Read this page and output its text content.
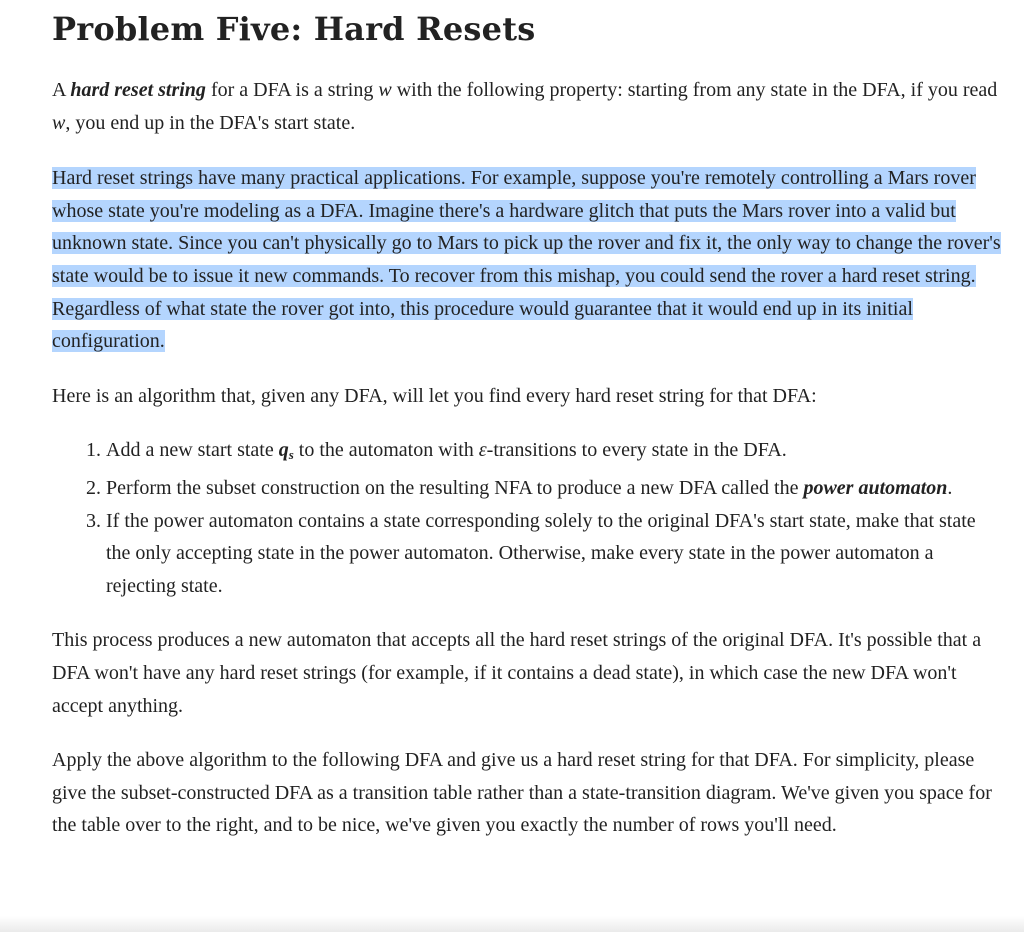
Problem Five: Hard Resets

A hard reset string for a DFA is a string w with the following property: starting from any state in the DFA, if you read w, you end up in the DFA's start state.

Hard reset strings have many practical applications. For example, suppose you're remotely controlling a Mars rover whose state you're modeling as a DFA. Imagine there's a hardware glitch that puts the Mars rover into a valid but unknown state. Since you can't physically go to Mars to pick up the rover and fix it, the only way to change the rover's state would be to issue it new commands. To recover from this mishap, you could send the rover a hard reset string. Regardless of what state the rover got into, this procedure would guarantee that it would end up in its initial configuration.

Here is an algorithm that, given any DFA, will let you find every hard reset string for that DFA:

1. Add a new start state $q_s$ to the automaton with ε-transitions to every state in the DFA.
2. Perform the subset construction on the resulting NFA to produce a new DFA called the power automaton.
3. If the power automaton contains a state corresponding solely to the original DFA's start state, make that state the only accepting state in the power automaton. Otherwise, make every state in the power automaton a rejecting state.

This process produces a new automaton that accepts all the hard reset strings of the original DFA. It's possible that a DFA won't have any hard reset strings (for example, if it contains a dead state), in which case the new DFA won't accept anything.

Apply the above algorithm to the following DFA and give us a hard reset string for that DFA. For simplicity, please give the subset-constructed DFA as a transition table rather than a state-transition diagram. We've given you space for the table over to the right, and to be nice, we've given you exactly the number of rows you'll need.
